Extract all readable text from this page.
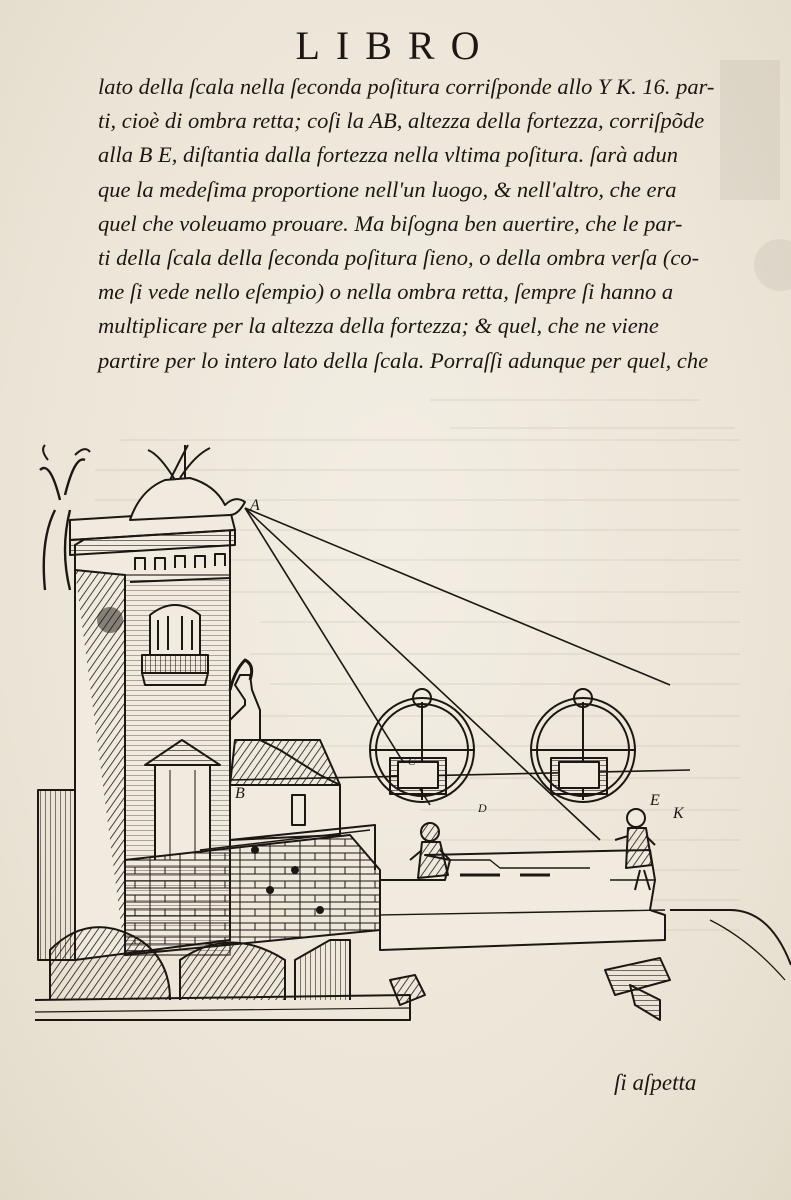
LIBRO
lato della ſcala nella ſeconda poſitura corriſponde allo Y K. 16. par-
ti, cioè di ombra retta; coſi la AB, altezza della fortezza, corriſpõde
alla B E, diſtantia dalla fortezza nella vltima poſitura. ſarà adun
que la medeſima proportione nell'un luogo, & nell'altro, che era
quel che voleuamo prouare. Ma biſogna ben auertire, che le par-
ti della ſcala della ſeconda poſitura ſieno, o della ombra verſa (co-
me ſi vede nello eſempio) o nella ombra retta, ſempre ſi hanno a
multiplicare per la altezza della fortezza; & quel, che ne viene
partire per lo intero lato della ſcala. Porraſſi adunque per quel, che
A
B
C
D	E
K
ſi aſpetta
